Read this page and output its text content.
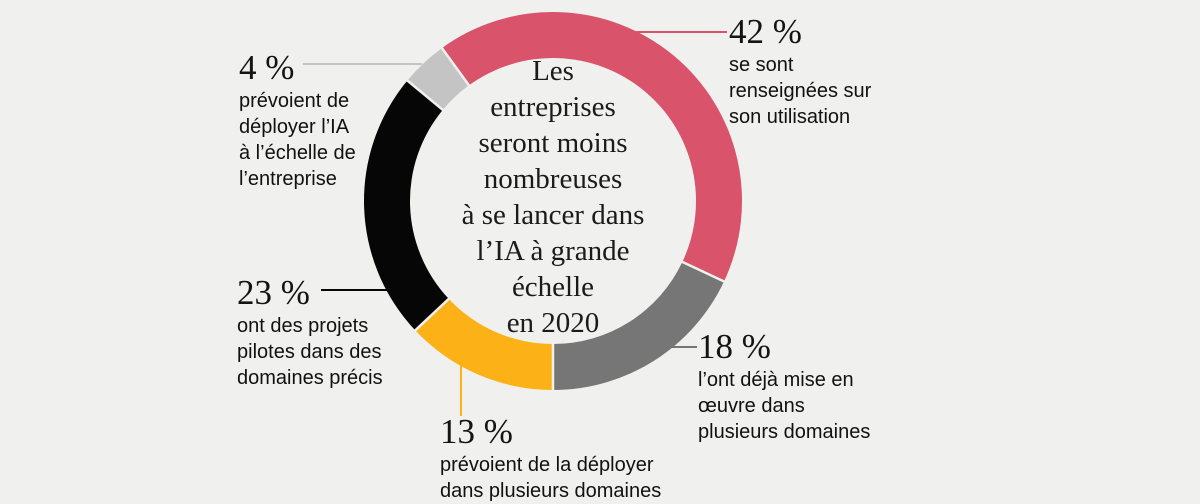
Les
entreprises
seront moins
nombreuses
à se lancer dans
l’IA à grande
échelle
en 2020
42 %
se sont
renseignées sur
son utilisation
18 %
l’ont déjà mise en
œuvre dans
plusieurs domaines
13 %
prévoient de la déployer
dans plusieurs domaines
23 %
ont des projets
pilotes dans des
domaines précis
4 %
prévoient de
déployer l’IA
à l’échelle de
l’entreprise
